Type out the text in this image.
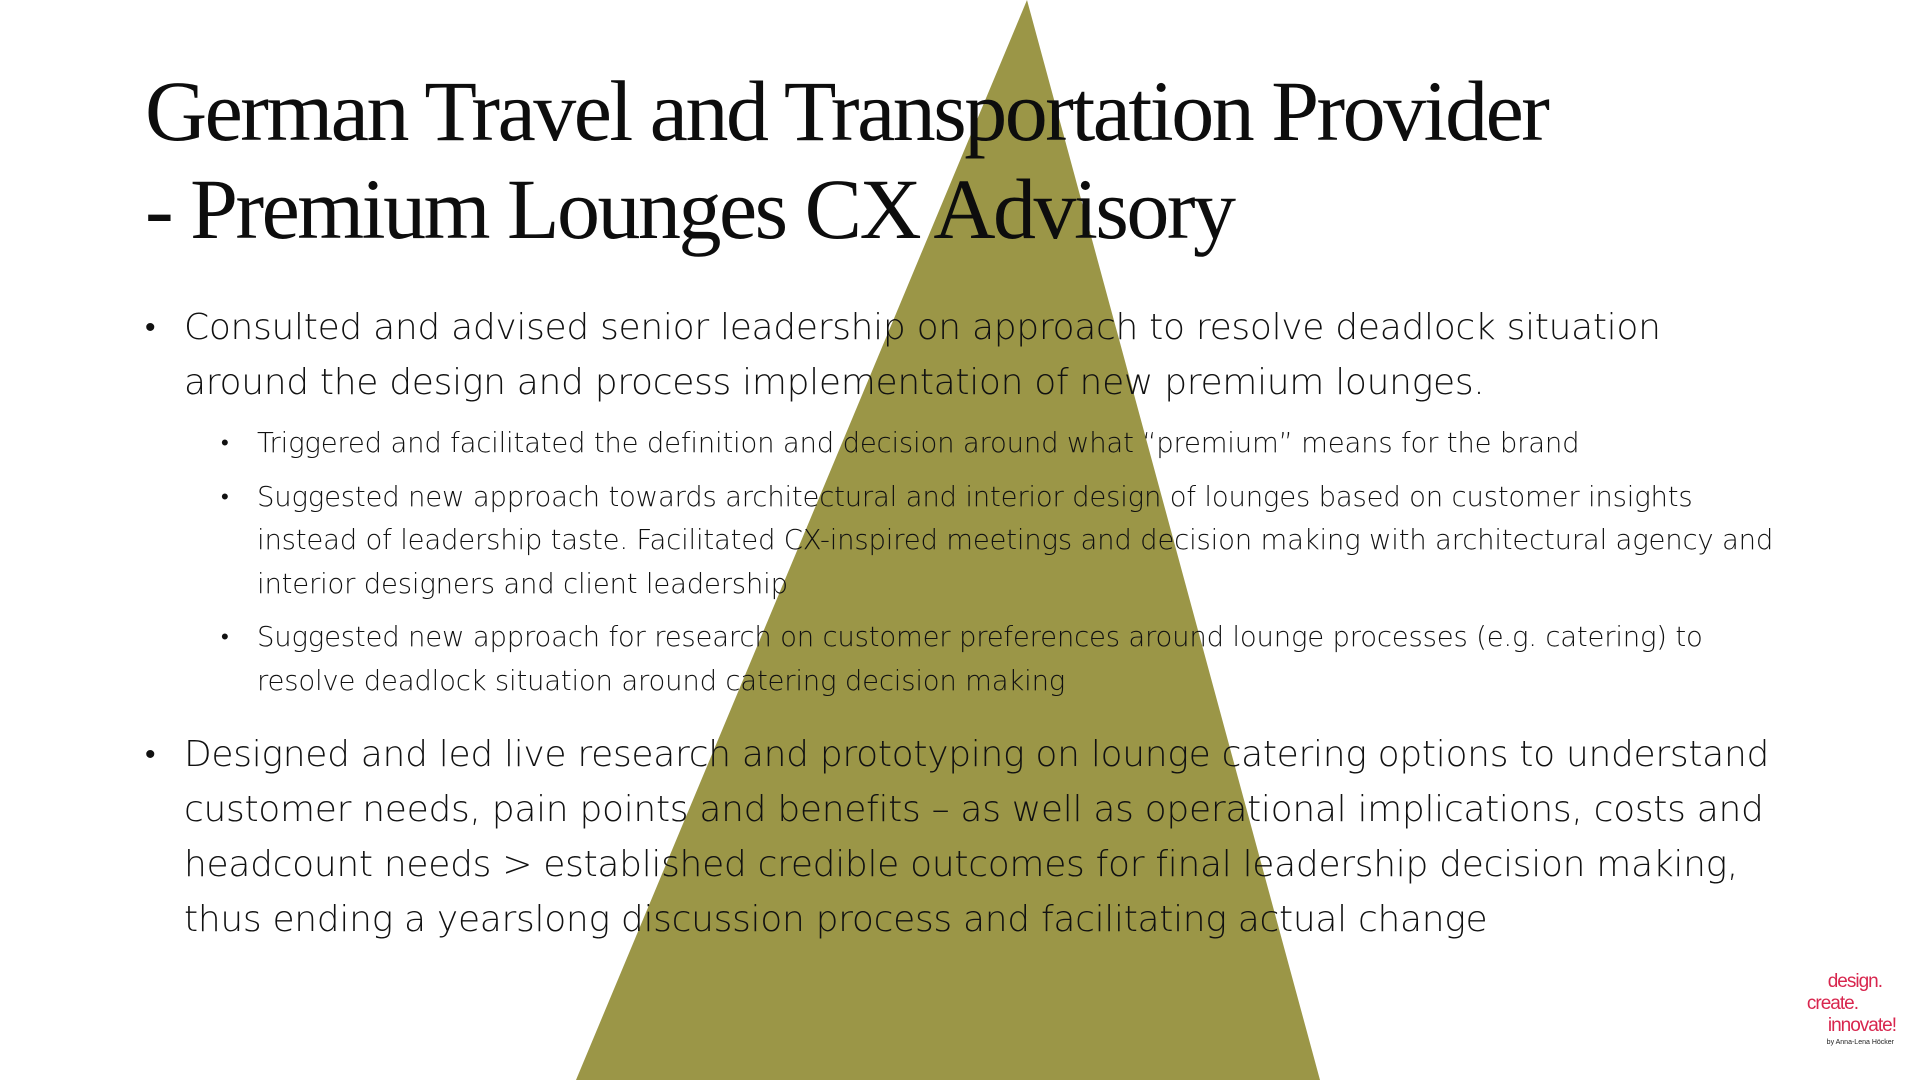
German Travel and Transportation Provider
- Premium Lounges CX Advisory
• Consulted and advised senior leadership on approach to resolve deadlock situation around the design and process implementation of new premium lounges.
• Triggered and facilitated the definition and decision around what “premium” means for the brand
• Suggested new approach towards architectural and interior design of lounges based on customer insights instead of leadership taste. Facilitated CX-inspired meetings and decision making with architectural agency and interior designers and client leadership
• Suggested new approach for research on customer preferences around lounge processes (e.g. catering) to resolve deadlock situation around catering decision making
• Designed and led live research and prototyping on lounge catering options to understand customer needs, pain points and benefits – as well as operational implications, costs and headcount needs > established credible outcomes for final leadership decision making, thus ending a yearslong discussion process and facilitating actual change
design.
create.
innovate!
by Anna-Lena Höcker
